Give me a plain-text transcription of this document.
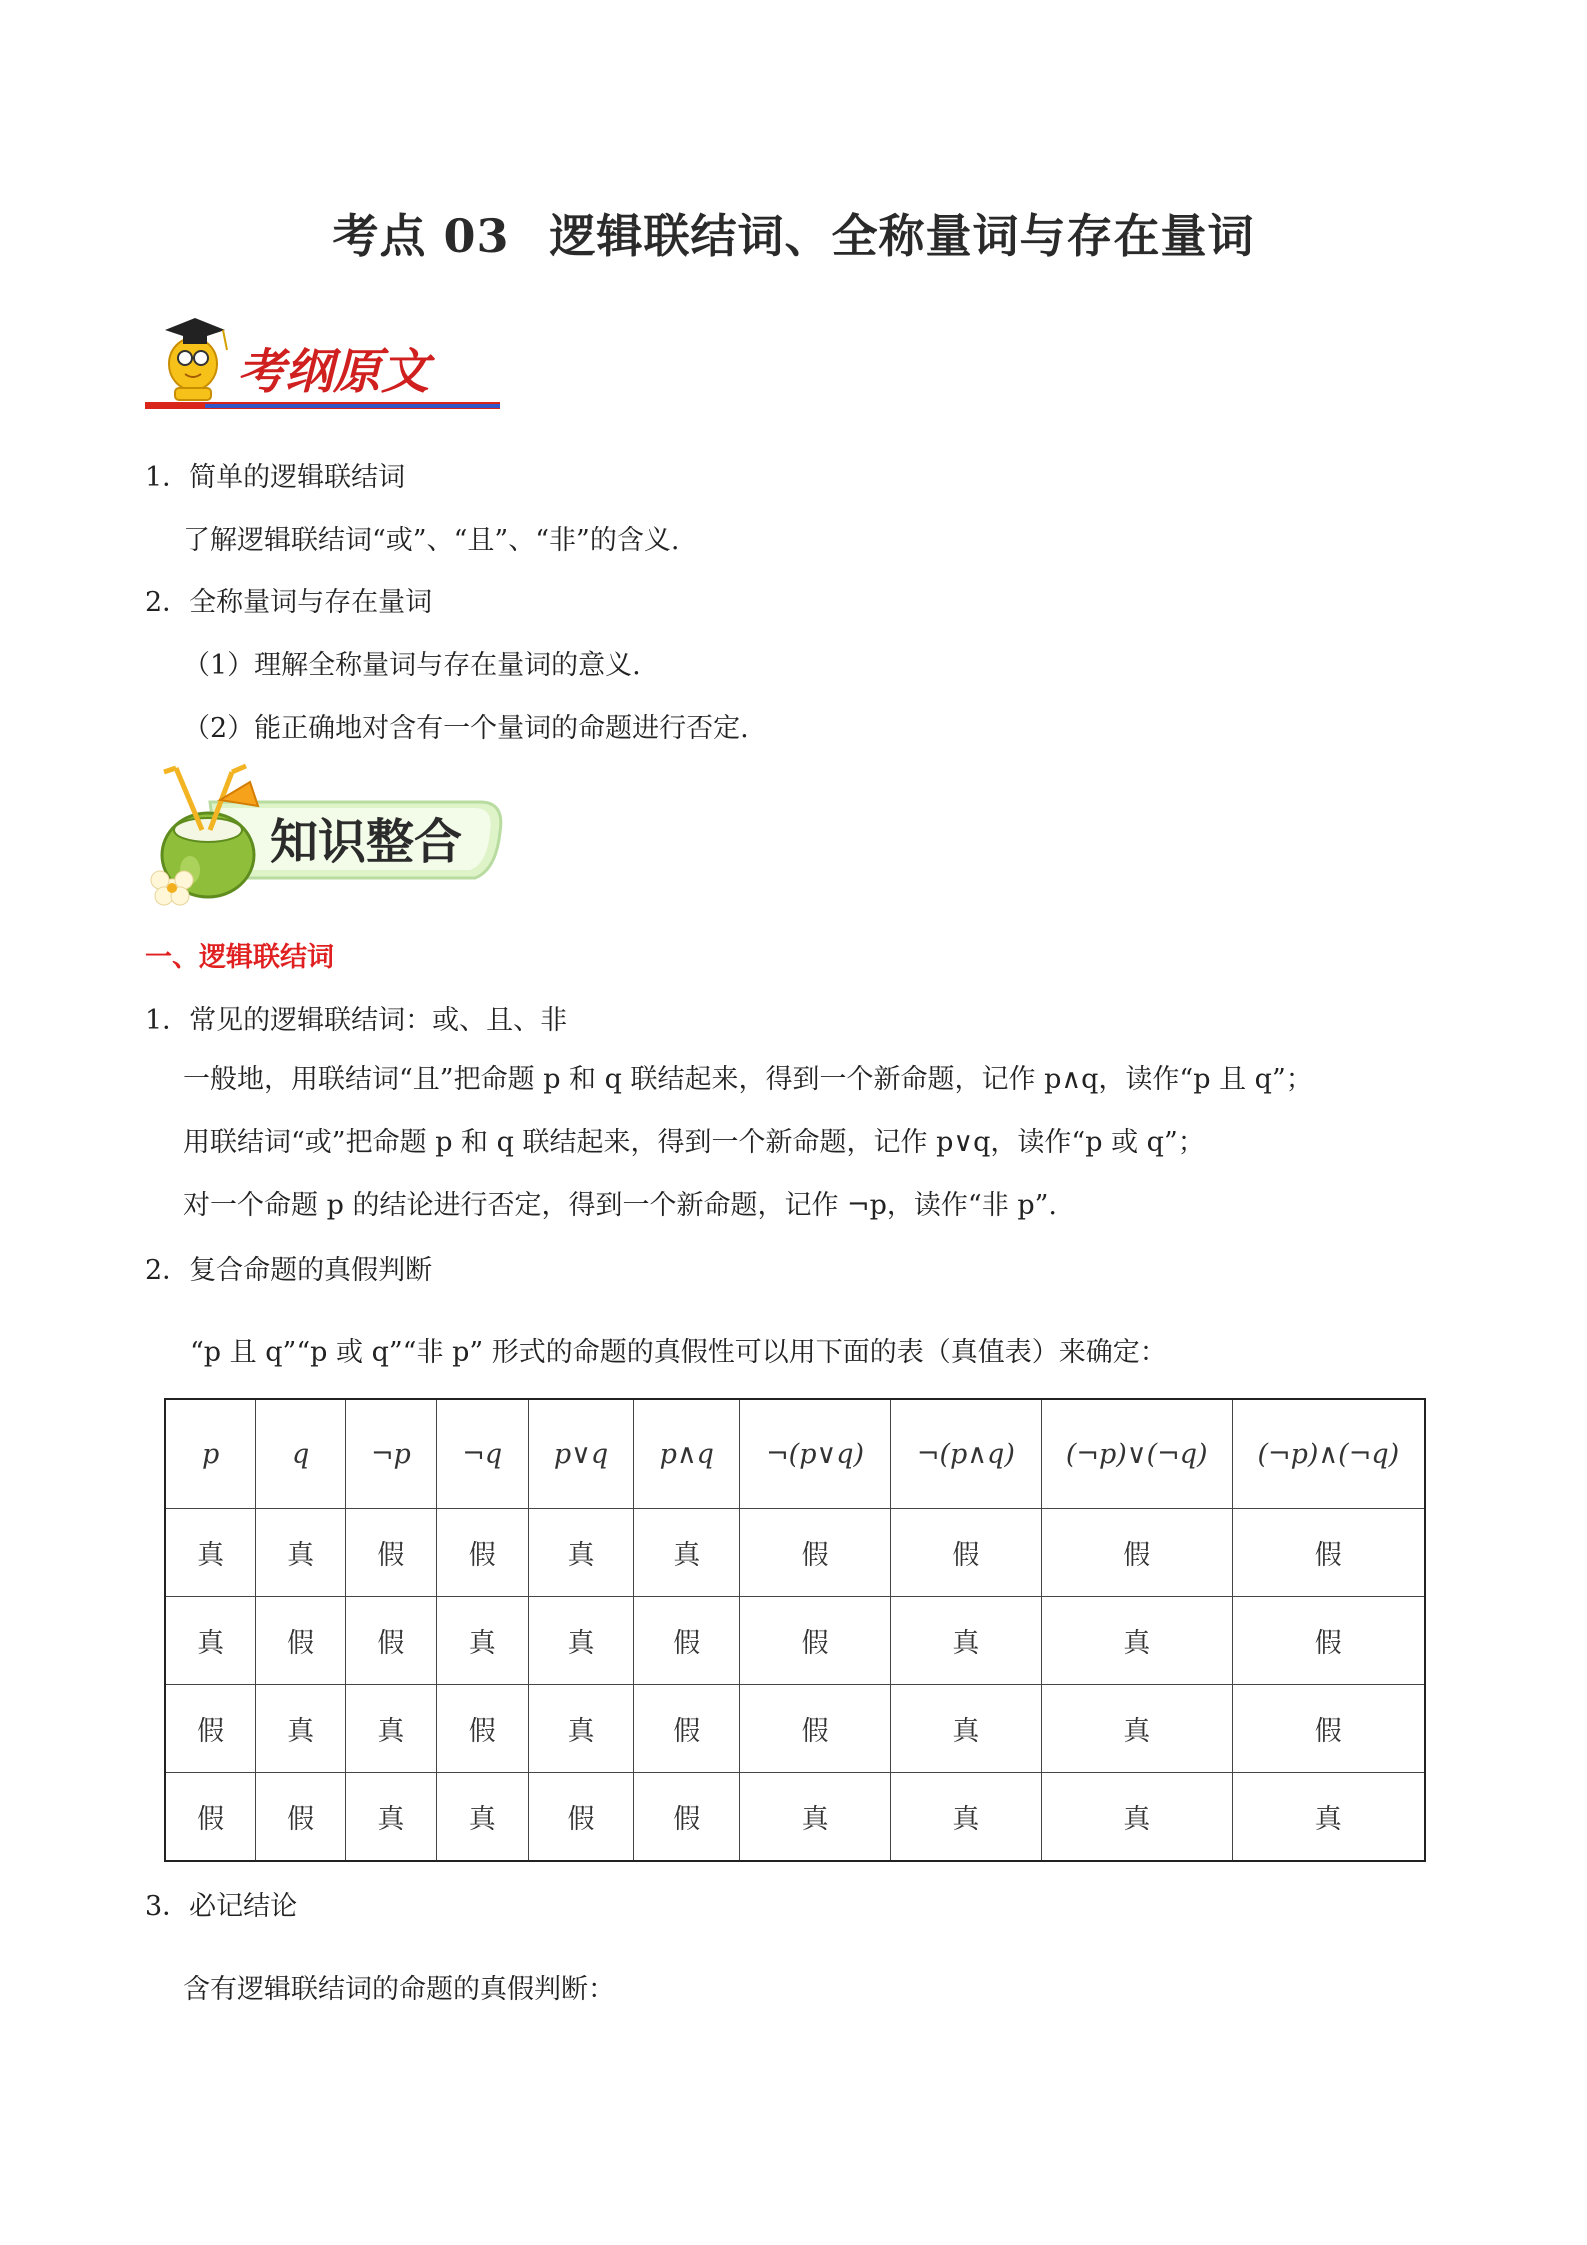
考点 03 逻辑联结词、全称量词与存在量词
考纲原文
1．简单的逻辑联结词
了解逻辑联结词“或”、“且”、“非”的含义.
2．全称量词与存在量词
（1）理解全称量词与存在量词的意义.
（2）能正确地对含有一个量词的命题进行否定.
知识整合
一、逻辑联结词
1．常见的逻辑联结词：或、且、非
一般地，用联结词“且”把命题 p 和 q 联结起来，得到一个新命题，记作 p∧q，读作“p 且 q”；
用联结词“或”把命题 p 和 q 联结起来，得到一个新命题，记作 p∨q，读作“p 或 q”；
对一个命题 p 的结论进行否定，得到一个新命题，记作 ¬p，读作“非 p”.
2．复合命题的真假判断
“p 且 q”“p 或 q”“非 p” 形式的命题的真假性可以用下面的表（真值表）来确定：
p	q	¬p	¬q	p∨q	p∧q	¬(p∨q)	¬(p∧q)	(¬p)∨(¬q)	(¬p)∧(¬q)
真	真	假	假	真	真	假	假	假	假
真	假	假	真	真	假	假	真	真	假
假	真	真	假	真	假	假	真	真	假
假	假	真	真	假	假	真	真	真	真
3．必记结论
含有逻辑联结词的命题的真假判断：
